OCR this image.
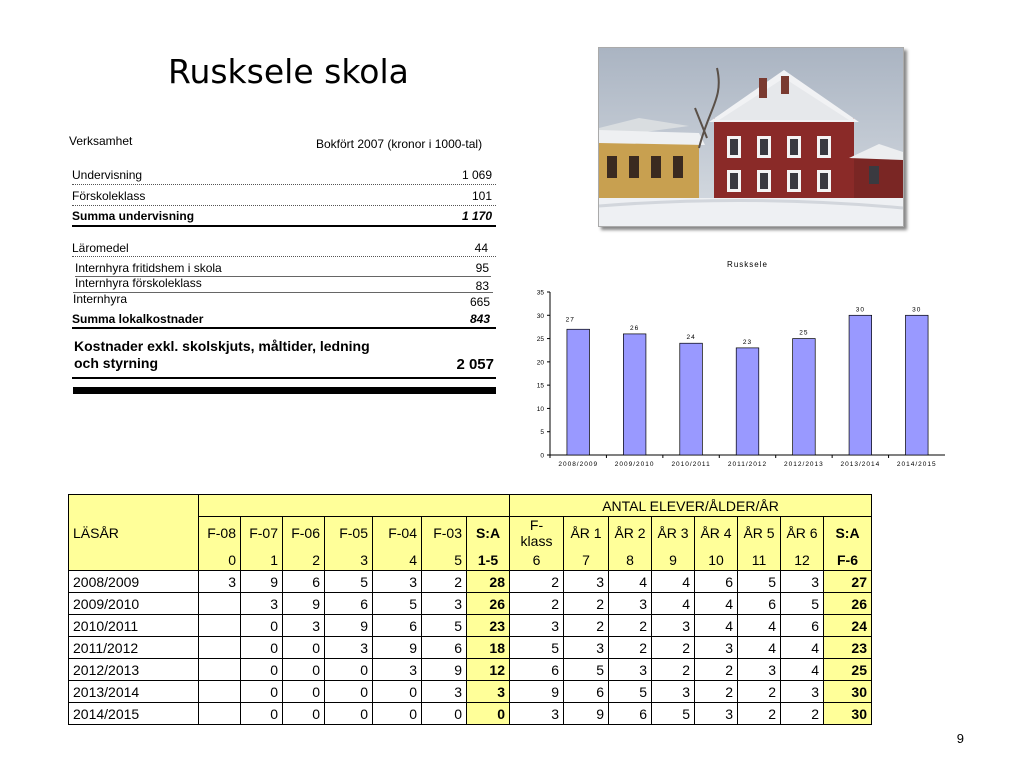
Rusksele skola
Verksamhet	Bokfört 2007 (kronor i 1000-tal)
Undervisning	1 069
Förskoleklass	101
Summa undervisning	1 170
Läromedel	44
Internhyra fritidshem i skola	95
Internhyra förskoleklass	83
Internhyra	665
Summa lokalkostnader	843
Kostnader exkl. skolskjuts, måltider, ledning
och styrning	2 057
Rusksele
0
5
10
15
20
25
30
35
27
2008/2009
26
2009/2010
24
2010/2011
23
2011/2012
25
2012/2013
30
2013/2014
30
2014/2015
LÄSÅR								ANTAL ELEVER/ÅLDER/ÅR							
	F-08	F-07	F-06	F-05	F-04	F-03	S:A	F-klass	ÅR 1	ÅR 2	ÅR 3	ÅR 4	ÅR 5	ÅR 6	S:A
	0	1	2	3	4	5	1-5	6	7	8	9	10	11	12	F-6
2008/2009	3	9	6	5	3	2	28	2	3	4	4	6	5	3	27
2009/2010		3	9	6	5	3	26	2	2	3	4	4	6	5	26
2010/2011		0	3	9	6	5	23	3	2	2	3	4	4	6	24
2011/2012		0	0	3	9	6	18	5	3	2	2	3	4	4	23
2012/2013		0	0	0	3	9	12	6	5	3	2	2	3	4	25
2013/2014		0	0	0	0	3	3	9	6	5	3	2	2	3	30
2014/2015		0	0	0	0	0	0	3	9	6	5	3	2	2	30
9
